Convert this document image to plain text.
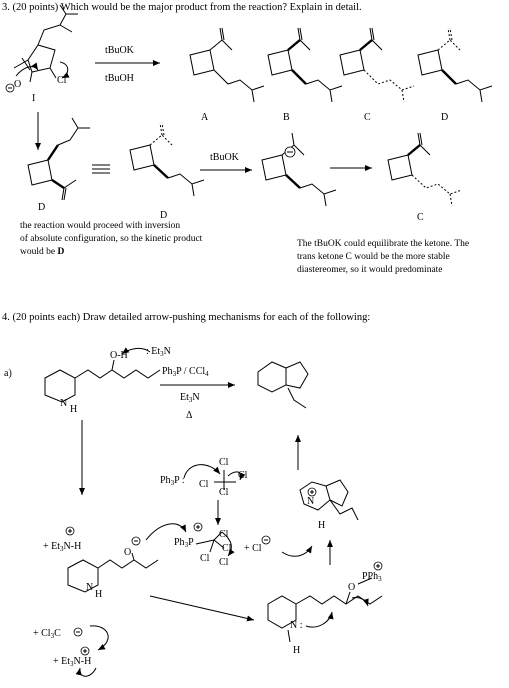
3. (20 points) Which would be the major product from the reaction? Explain in detail.
tBuOK
tBuOH
I
O	Cl
A	B	C	D
D
D
tBuOK
C
the reaction would proceed with inversion
of absolute configuration, so the kinetic product
would be D
The tBuOK could equilibrate the ketone. The
trans ketone C would be the more stable
diastereomer, so it would predominate
4. (20 points each) Draw detailed arrow-pushing mechanisms for each of the following:
a)
O-H : $Et_3N$
$Ph_3P / CCl_4$
$Et_3N$
Δ
N
H
$Ph_3P$ :
Cl
Cl
Cl
Cl
+ $Et_3N-H$	$Ph_3P$
Cl
Cl Cl
Cl + Cl
O
N
H
O
PPh$_3$
N :
H
N
H
+ $Cl_3C$
+ $Et_3N-H$
